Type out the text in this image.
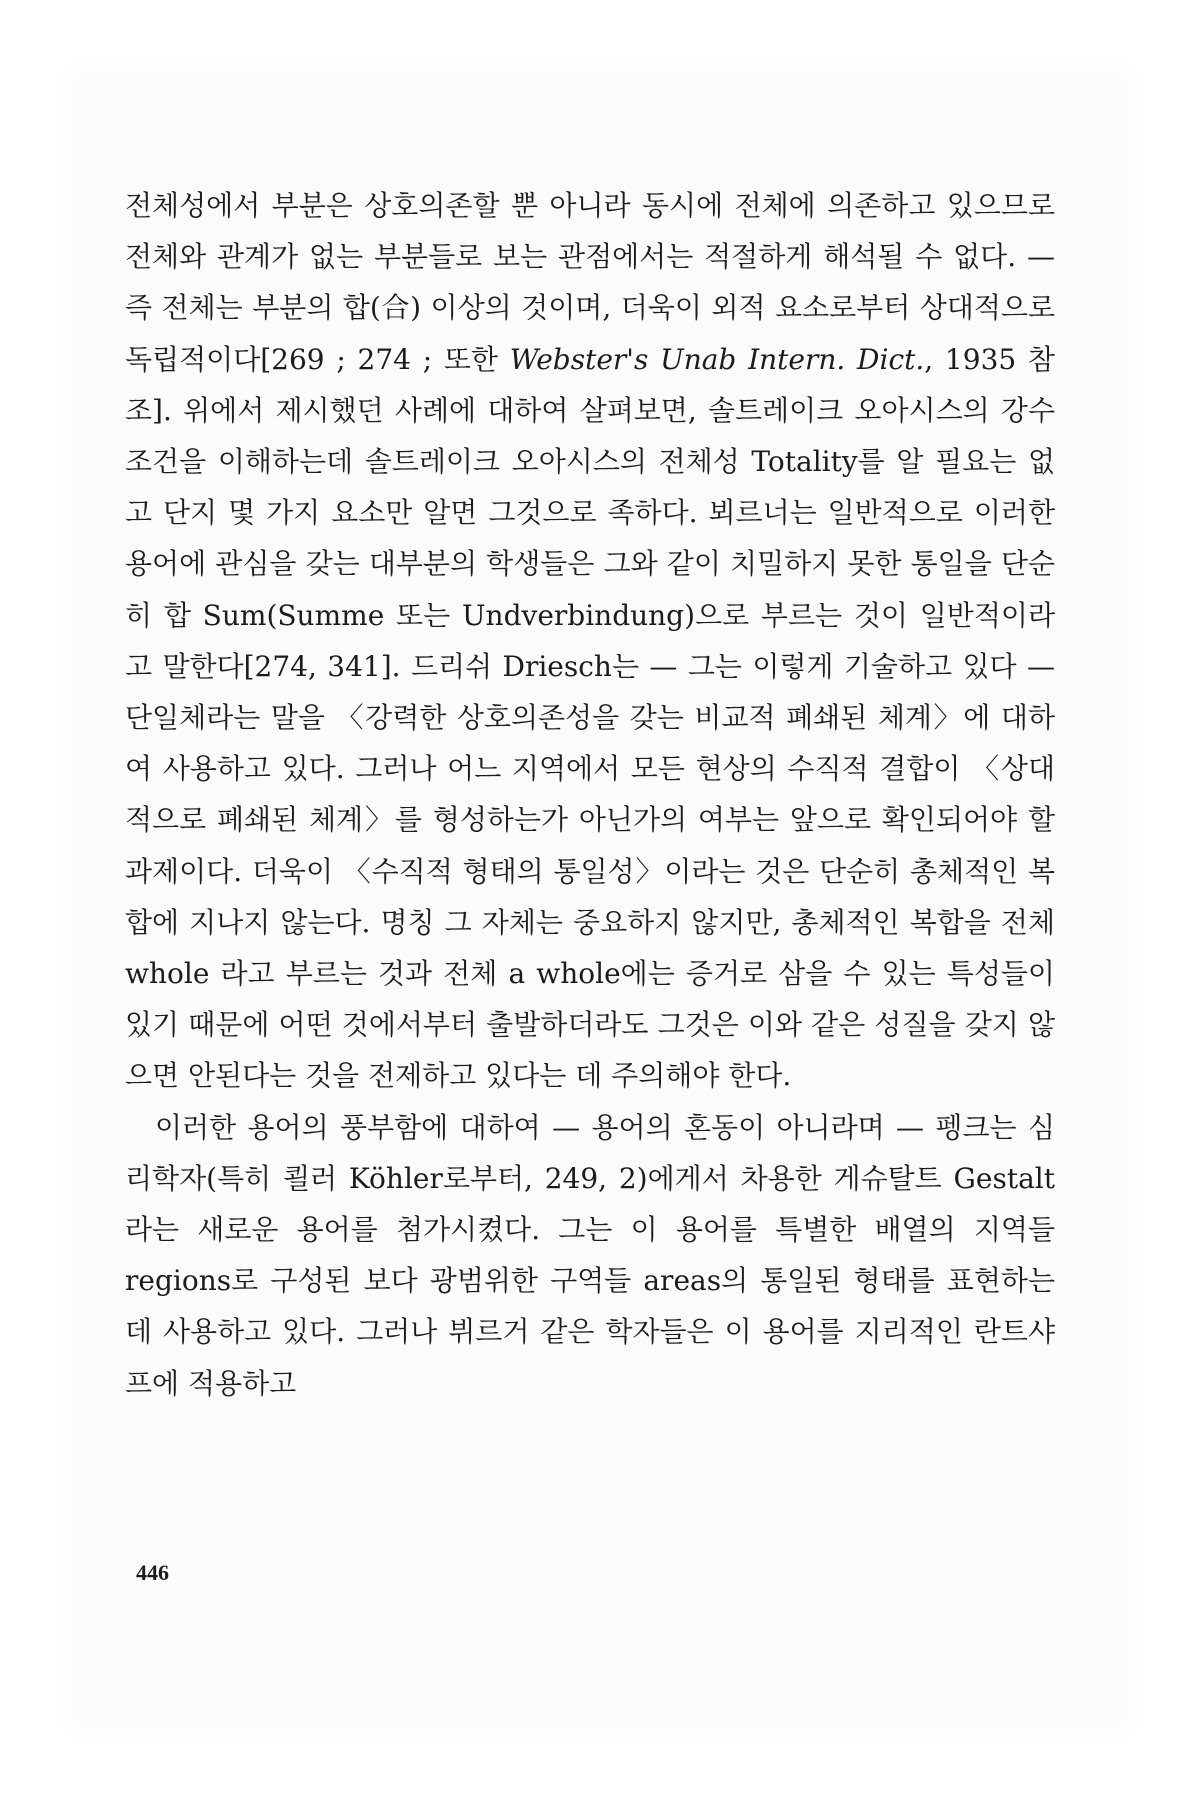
전체성에서 부분은 상호의존할 뿐 아니라 동시에 전체에 의존하고 있으므로 전체와 관계가 없는 부분들로 보는 관점에서는 적절하게 해석될 수 없다. — 즉 전체는 부분의 합(合) 이상의 것이며, 더욱이 외적 요소로부터 상대적으로 독립적이다[269 ; 274 ; 또한 Webster's Unab Intern. Dict., 1935 참조]. 위에서 제시했던 사례에 대하여 살펴보면, 솔트레이크 오아시스의 강수 조건을 이해하는데 솔트레이크 오아시스의 전체성 Totality를 알 필요는 없고 단지 몇 가지 요소만 알면 그것으로 족하다. 뵈르너는 일반적으로 이러한 용어에 관심을 갖는 대부분의 학생들은 그와 같이 치밀하지 못한 통일을 단순히 합 Sum(Summe 또는 Undverbindung)으로 부르는 것이 일반적이라고 말한다[274, 341]. 드리쉬 Driesch는 — 그는 이렇게 기술하고 있다 — 단일체라는 말을 〈강력한 상호의존성을 갖는 비교적 폐쇄된 체계〉에 대하여 사용하고 있다. 그러나 어느 지역에서 모든 현상의 수직적 결합이 〈상대적으로 폐쇄된 체계〉를 형성하는가 아닌가의 여부는 앞으로 확인되어야 할 과제이다. 더욱이 〈수직적 형태의 통일성〉이라는 것은 단순히 총체적인 복합에 지나지 않는다. 명칭 그 자체는 중요하지 않지만, 총체적인 복합을 전체 whole 라고 부르는 것과 전체 a whole에는 증거로 삼을 수 있는 특성들이 있기 때문에 어떤 것에서부터 출발하더라도 그것은 이와 같은 성질을 갖지 않으면 안된다는 것을 전제하고 있다는 데 주의해야 한다.

이러한 용어의 풍부함에 대하여 — 용어의 혼동이 아니라며 — 펭크는 심리학자(특히 쾰러 Köhler로부터, 249, 2)에게서 차용한 게슈탈트 Gestalt라는 새로운 용어를 첨가시켰다. 그는 이 용어를 특별한 배열의 지역들 regions로 구성된 보다 광범위한 구역들 areas의 통일된 형태를 표현하는 데 사용하고 있다. 그러나 뷔르거 같은 학자들은 이 용어를 지리적인 란트샤프에 적용하고

446
